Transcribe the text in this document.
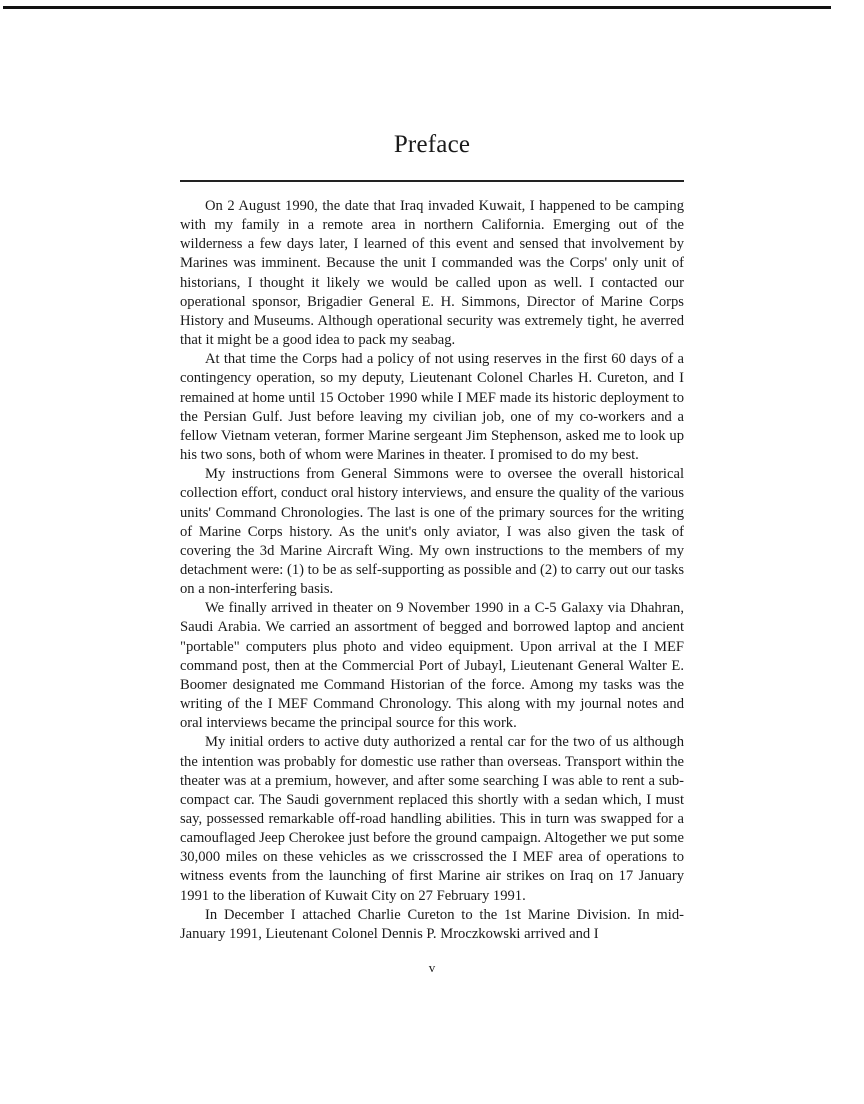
Preface

On 2 August 1990, the date that Iraq invaded Kuwait, I happened to be camping with my family in a remote area in northern California. Emerging out of the wilderness a few days later, I learned of this event and sensed that involvement by Marines was imminent. Because the unit I commanded was the Corps' only unit of historians, I thought it likely we would be called upon as well. I contacted our operational sponsor, Brigadier General E. H. Simmons, Director of Marine Corps History and Museums. Although operational security was extremely tight, he averred that it might be a good idea to pack my seabag.

At that time the Corps had a policy of not using reserves in the first 60 days of a contingency operation, so my deputy, Lieutenant Colonel Charles H. Cureton, and I remained at home until 15 October 1990 while I MEF made its historic deployment to the Persian Gulf. Just before leaving my civilian job, one of my co-workers and a fellow Vietnam veteran, former Marine sergeant Jim Stephenson, asked me to look up his two sons, both of whom were Marines in theater. I promised to do my best.

My instructions from General Simmons were to oversee the overall historical collection effort, conduct oral history interviews, and ensure the quality of the various units' Command Chronologies. The last is one of the primary sources for the writing of Marine Corps history. As the unit's only aviator, I was also given the task of covering the 3d Marine Aircraft Wing. My own instructions to the members of my detachment were: (1) to be as self-supporting as possible and (2) to carry out our tasks on a non-interfering basis.

We finally arrived in theater on 9 November 1990 in a C-5 Galaxy via Dhahran, Saudi Arabia. We carried an assortment of begged and borrowed laptop and ancient "portable" computers plus photo and video equipment. Upon arrival at the I MEF command post, then at the Commercial Port of Jubayl, Lieutenant General Walter E. Boomer designated me Command Historian of the force. Among my tasks was the writing of the I MEF Command Chronology. This along with my journal notes and oral interviews became the principal source for this work.

My initial orders to active duty authorized a rental car for the two of us although the intention was probably for domestic use rather than overseas. Transport within the theater was at a premium, however, and after some searching I was able to rent a sub-compact car. The Saudi government replaced this shortly with a sedan which, I must say, possessed remarkable off-road handling abilities. This in turn was swapped for a camouflaged Jeep Cherokee just before the ground campaign. Altogether we put some 30,000 miles on these vehicles as we crisscrossed the I MEF area of operations to witness events from the launching of first Marine air strikes on Iraq on 17 January 1991 to the liberation of Kuwait City on 27 February 1991.

In December I attached Charlie Cureton to the 1st Marine Division. In mid-January 1991, Lieutenant Colonel Dennis P. Mroczkowski arrived and I

v
